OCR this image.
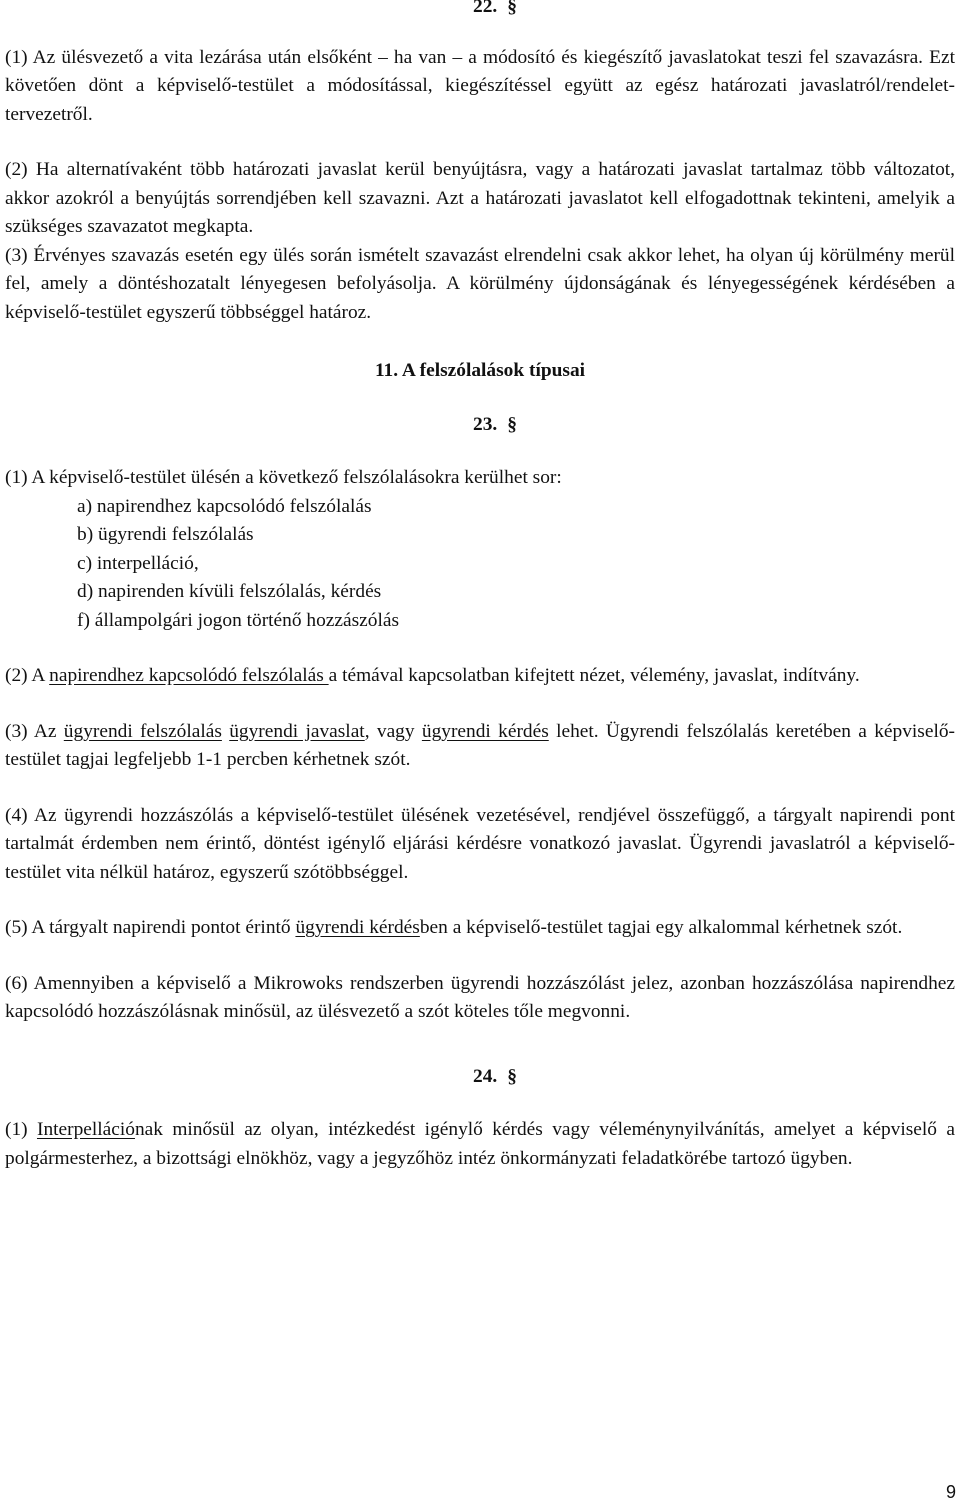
22. §
(1) Az ülésvezető a vita lezárása után elsőként – ha van – a módosító és kiegészítő javaslatokat teszi fel szavazásra. Ezt követően dönt a képviselő-testület a módosítással, kiegészítéssel együtt az egész határozati javaslatról/rendelet-tervezetről.
(2) Ha alternatívaként több határozati javaslat kerül benyújtásra, vagy a határozati javaslat tartalmaz több változatot, akkor azokról a benyújtás sorrendjében kell szavazni. Azt a határozati javaslatot kell elfogadottnak tekinteni, amelyik a szükséges szavazatot megkapta.
(3) Érvényes szavazás esetén egy ülés során ismételt szavazást elrendelni csak akkor lehet, ha olyan új körülmény merül fel, amely a döntéshozatalt lényegesen befolyásolja. A körülmény újdonságának és lényegességének kérdésében a képviselő-testület egyszerű többséggel határoz.
11. A felszólalások típusai
23. §
(1) A képviselő-testület ülésén a következő felszólalásokra kerülhet sor:
a) napirendhez kapcsolódó felszólalás
b) ügyrendi felszólalás
c) interpelláció,
d) napirenden kívüli felszólalás, kérdés
f) állampolgári jogon történő hozzászólás
(2) A napirendhez kapcsolódó felszólalás a témával kapcsolatban kifejtett nézet, vélemény, javaslat, indítvány.
(3) Az ügyrendi felszólalás ügyrendi javaslat, vagy ügyrendi kérdés lehet. Ügyrendi felszólalás keretében a képviselő-testület tagjai legfeljebb 1-1 percben kérhetnek szót.
(4) Az ügyrendi hozzászólás a képviselő-testület ülésének vezetésével, rendjével összefüggő, a tárgyalt napirendi pont tartalmát érdemben nem érintő, döntést igénylő eljárási kérdésre vonatkozó javaslat. Ügyrendi javaslatról a képviselő-testület vita nélkül határoz, egyszerű szótöbbséggel.
(5) A tárgyalt napirendi pontot érintő ügyrendi kérdésben a képviselő-testület tagjai egy alkalommal kérhetnek szót.
(6) Amennyiben a képviselő a Mikrowoks rendszerben ügyrendi hozzászólást jelez, azonban hozzászólása napirendhez kapcsolódó hozzászólásnak minősül, az ülésvezető a szót köteles tőle megvonni.
24. §
(1) Interpellációnak minősül az olyan, intézkedést igénylő kérdés vagy véleménynyilvánítás, amelyet a képviselő a polgármesterhez, a bizottsági elnökhöz, vagy a jegyzőhöz intéz önkormányzati feladatkörébe tartozó ügyben.
9
